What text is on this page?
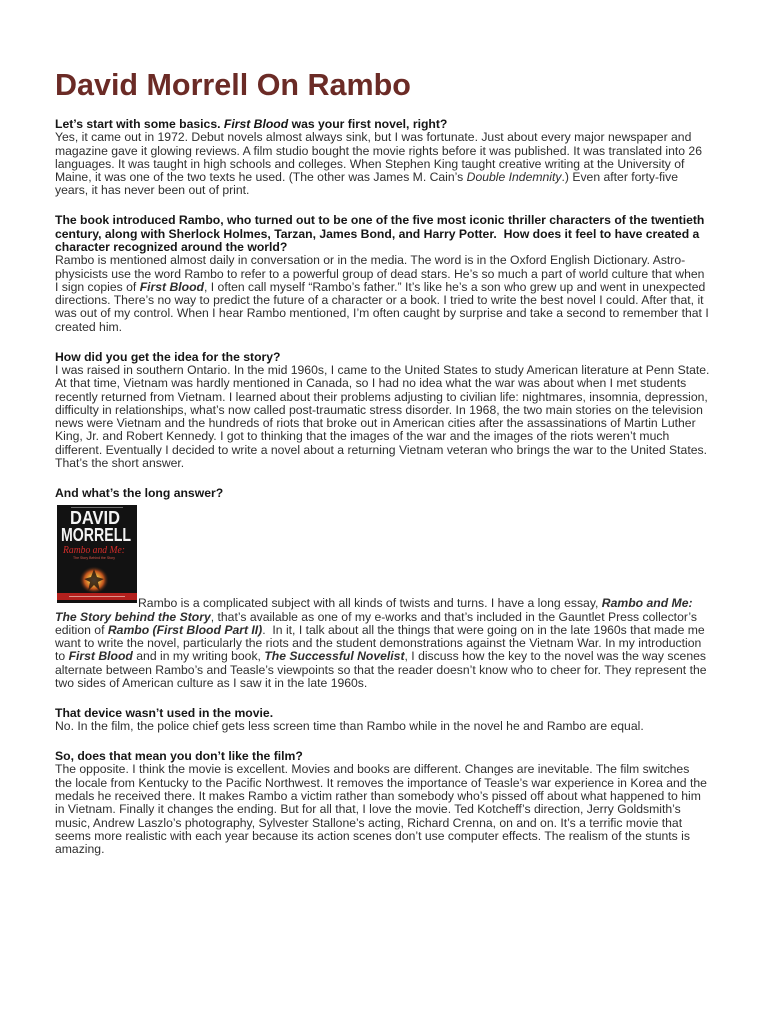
David Morrell On Rambo
Let’s start with some basics. First Blood was your first novel, right?
Yes, it came out in 1972. Debut novels almost always sink, but I was fortunate. Just about every major newspaper and
magazine gave it glowing reviews. A film studio bought the movie rights before it was published. It was translated into 26
languages. It was taught in high schools and colleges. When Stephen King taught creative writing at the University of
Maine, it was one of the two texts he used. (The other was James M. Cain’s Double Indemnity.) Even after forty-five
years, it has never been out of print.
The book introduced Rambo, who turned out to be one of the five most iconic thriller characters of the twentieth
century, along with Sherlock Holmes, Tarzan, James Bond, and Harry Potter.  How does it feel to have created a
character recognized around the world?
Rambo is mentioned almost daily in conversation or in the media. The word is in the Oxford English Dictionary. Astro-
physicists use the word Rambo to refer to a powerful group of dead stars. He’s so much a part of world culture that when
I sign copies of First Blood, I often call myself “Rambo’s father.” It’s like he’s a son who grew up and went in unexpected
directions. There’s no way to predict the future of a character or a book. I tried to write the best novel I could. After that, it
was out of my control. When I hear Rambo mentioned, I’m often caught by surprise and take a second to remember that I
created him.
How did you get the idea for the story?
I was raised in southern Ontario. In the mid 1960s, I came to the United States to study American literature at Penn State.
At that time, Vietnam was hardly mentioned in Canada, so I had no idea what the war was about when I met students
recently returned from Vietnam. I learned about their problems adjusting to civilian life: nightmares, insomnia, depression,
difficulty in relationships, what’s now called post-traumatic stress disorder. In 1968, the two main stories on the television
news were Vietnam and the hundreds of riots that broke out in American cities after the assassinations of Martin Luther
King, Jr. and Robert Kennedy. I got to thinking that the images of the war and the images of the riots weren’t much
different. Eventually I decided to write a novel about a returning Vietnam veteran who brings the war to the United States.
That’s the short answer.
And what’s the long answer?
DAVID
MORRELL
Rambo and Me:
The Story Behind the Story
Rambo is a complicated subject with all kinds of twists and turns. I have a long essay, Rambo and Me:
The Story behind the Story, that’s available as one of my e-works and that’s included in the Gauntlet Press collector’s
edition of Rambo (First Blood Part II).  In it, I talk about all the things that were going on in the late 1960s that made me
want to write the novel, particularly the riots and the student demonstrations against the Vietnam War. In my introduction
to First Blood and in my writing book, The Successful Novelist, I discuss how the key to the novel was the way scenes
alternate between Rambo’s and Teasle’s viewpoints so that the reader doesn’t know who to cheer for. They represent the
two sides of American culture as I saw it in the late 1960s.
That device wasn’t used in the movie.
No. In the film, the police chief gets less screen time than Rambo while in the novel he and Rambo are equal.
So, does that mean you don’t like the film?
The opposite. I think the movie is excellent. Movies and books are different. Changes are inevitable. The film switches
the locale from Kentucky to the Pacific Northwest. It removes the importance of Teasle’s war experience in Korea and the
medals he received there. It makes Rambo a victim rather than somebody who’s pissed off about what happened to him
in Vietnam. Finally it changes the ending. But for all that, I love the movie. Ted Kotcheff’s direction, Jerry Goldsmith’s
music, Andrew Laszlo’s photography, Sylvester Stallone’s acting, Richard Crenna, on and on. It’s a terrific movie that
seems more realistic with each year because its action scenes don’t use computer effects. The realism of the stunts is
amazing.
